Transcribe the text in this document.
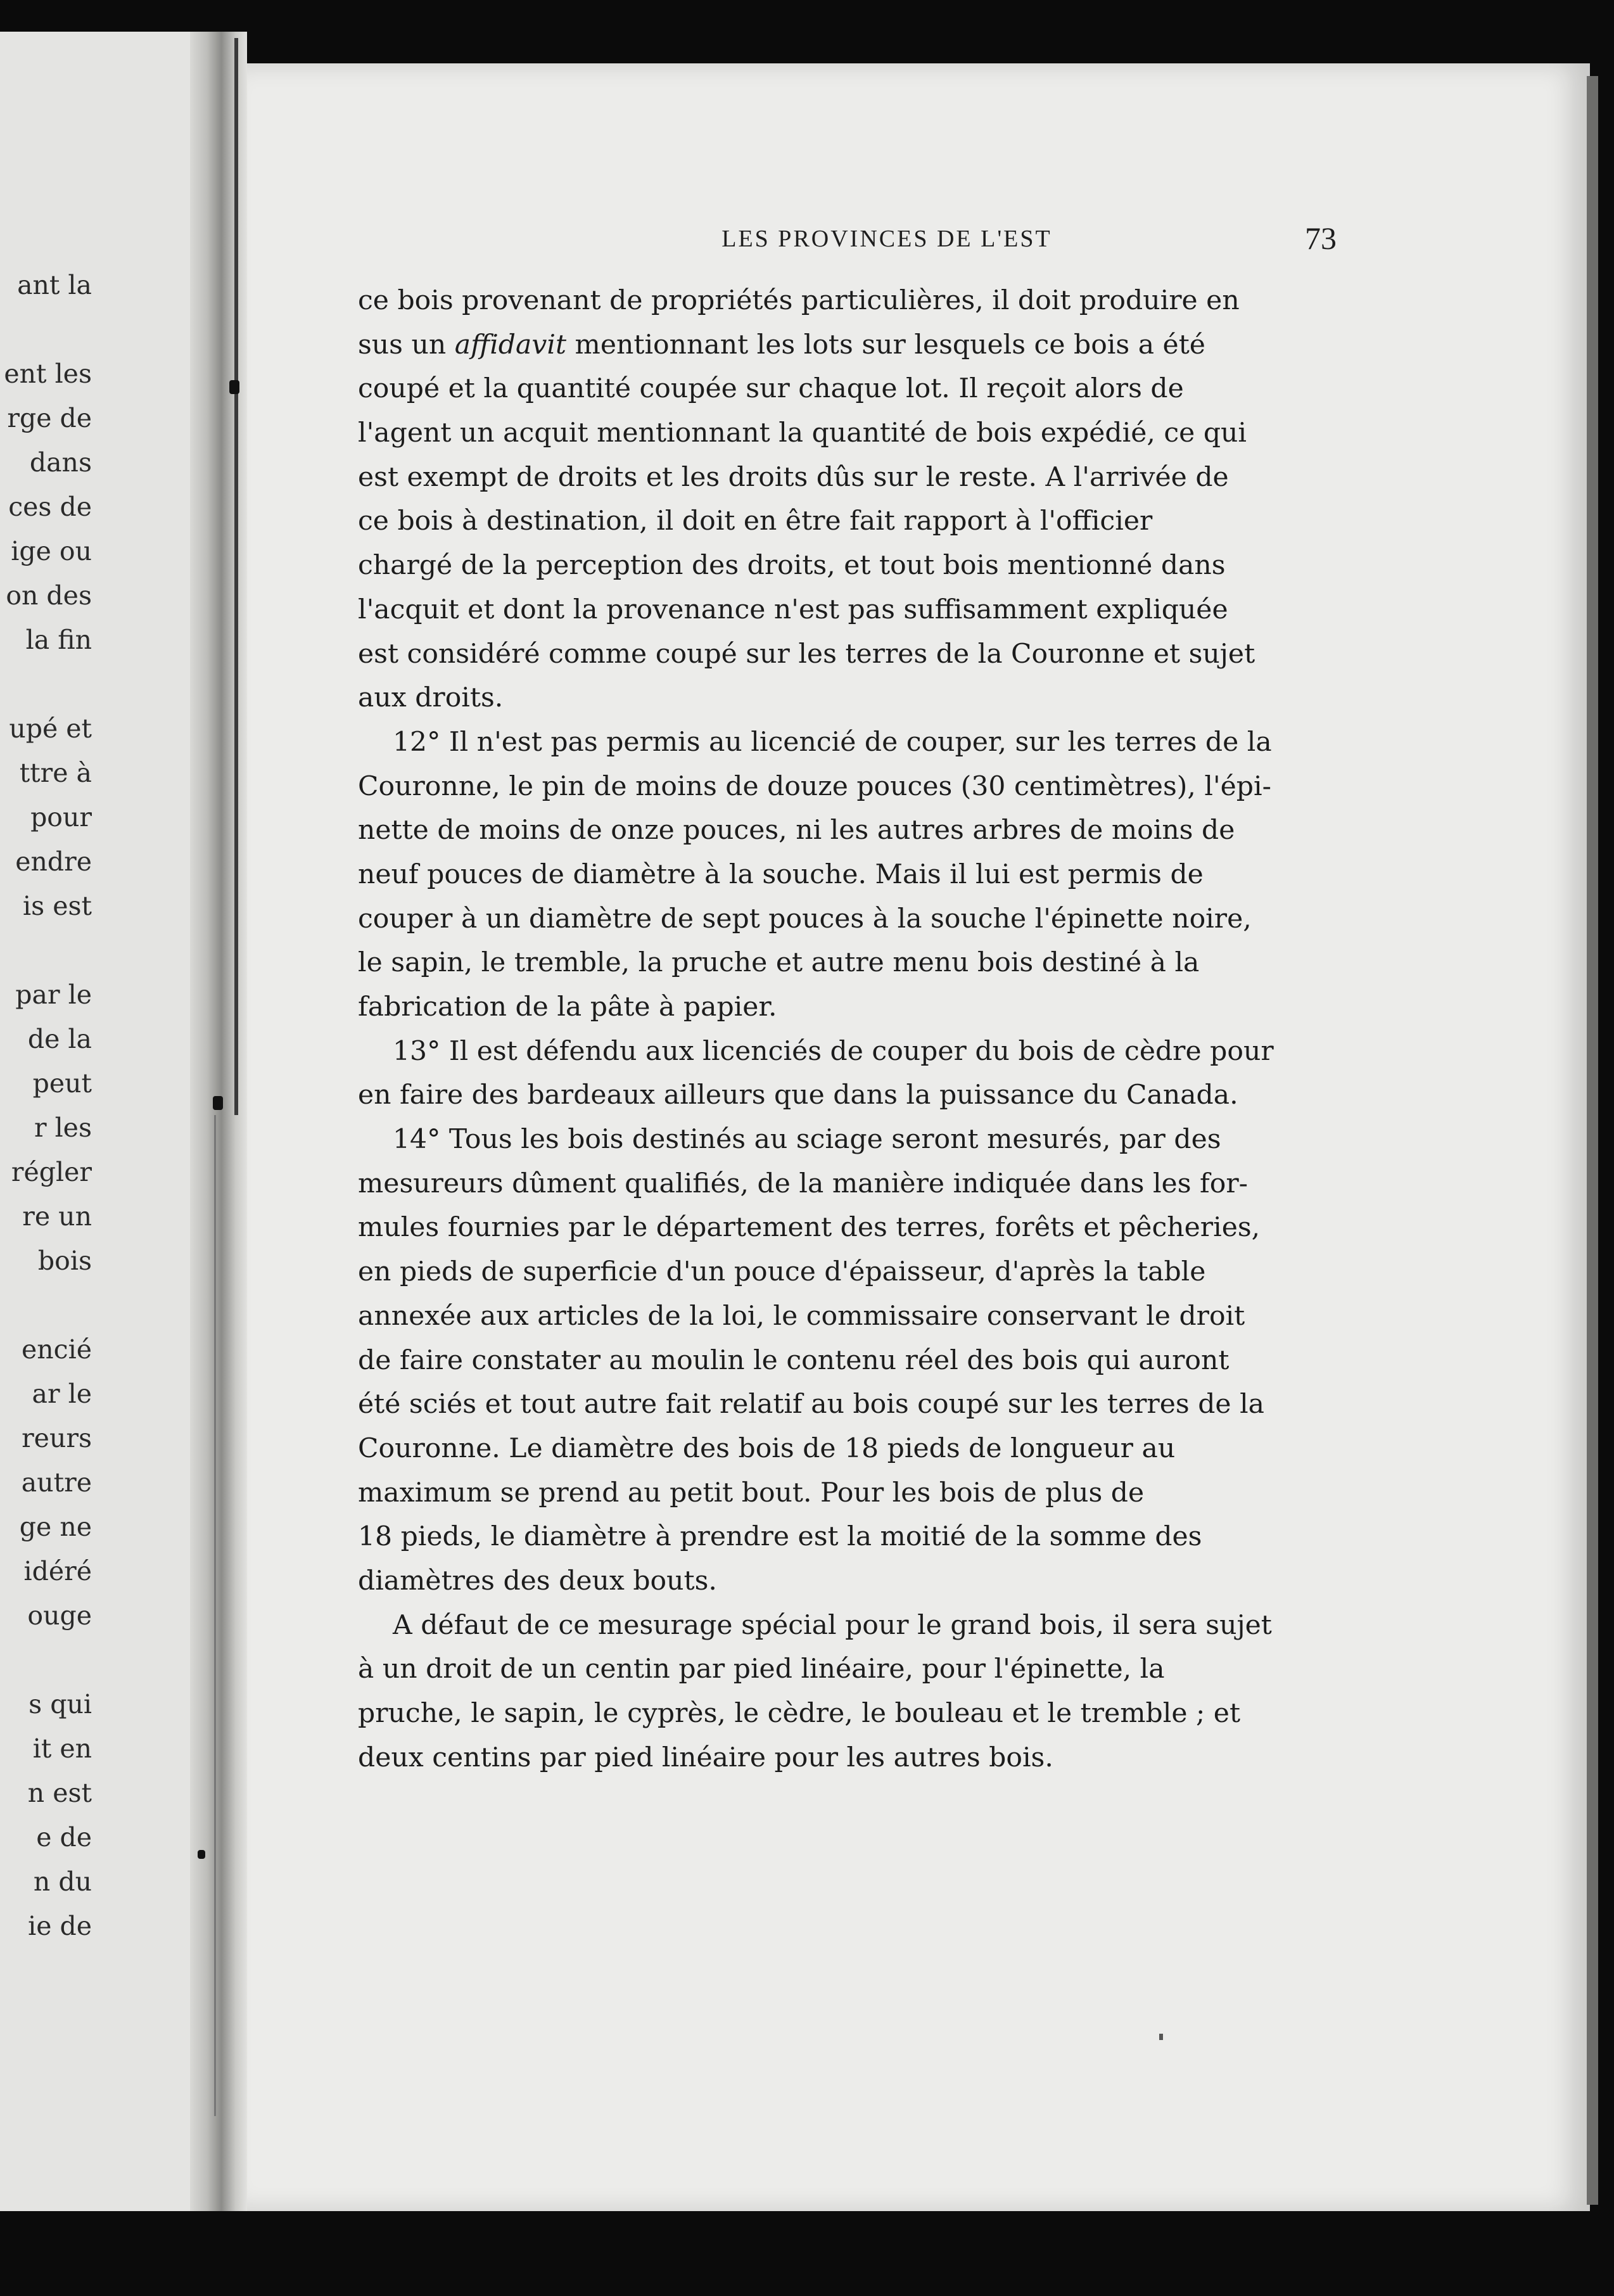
ant la
ent les
rge de
dans
ces de
ige ou
on des
la fin
upé et
ttre à
pour
endre
is est
par le
de la
peut
r les
régler
re un
bois
encié
ar le
reurs
autre
ge ne
idéré
ouge
s qui
it en
n est
e de
n du
ie de
LES PROVINCES DE L'EST	73
ce bois provenant de propriétés particulières, il doit produire en
sus un affidavit mentionnant les lots sur lesquels ce bois a été
coupé et la quantité coupée sur chaque lot. Il reçoit alors de
l'agent un acquit mentionnant la quantité de bois expédié, ce qui
est exempt de droits et les droits dûs sur le reste. A l'arrivée de
ce bois à destination, il doit en être fait rapport à l'officier
chargé de la perception des droits, et tout bois mentionné dans
l'acquit et dont la provenance n'est pas suffisamment expliquée
est considéré comme coupé sur les terres de la Couronne et sujet
aux droits.
12° Il n'est pas permis au licencié de couper, sur les terres de la
Couronne, le pin de moins de douze pouces (30 centimètres), l'épi-
nette de moins de onze pouces, ni les autres arbres de moins de
neuf pouces de diamètre à la souche. Mais il lui est permis de
couper à un diamètre de sept pouces à la souche l'épinette noire,
le sapin, le tremble, la pruche et autre menu bois destiné à la
fabrication de la pâte à papier.
13° Il est défendu aux licenciés de couper du bois de cèdre pour
en faire des bardeaux ailleurs que dans la puissance du Canada.
14° Tous les bois destinés au sciage seront mesurés, par des
mesureurs dûment qualifiés, de la manière indiquée dans les for-
mules fournies par le département des terres, forêts et pêcheries,
en pieds de superficie d'un pouce d'épaisseur, d'après la table
annexée aux articles de la loi, le commissaire conservant le droit
de faire constater au moulin le contenu réel des bois qui auront
été sciés et tout autre fait relatif au bois coupé sur les terres de la
Couronne. Le diamètre des bois de 18 pieds de longueur au
maximum se prend au petit bout. Pour les bois de plus de
18 pieds, le diamètre à prendre est la moitié de la somme des
diamètres des deux bouts.
A défaut de ce mesurage spécial pour le grand bois, il sera sujet
à un droit de un centin par pied linéaire, pour l'épinette, la
pruche, le sapin, le cyprès, le cèdre, le bouleau et le tremble ; et
deux centins par pied linéaire pour les autres bois.
